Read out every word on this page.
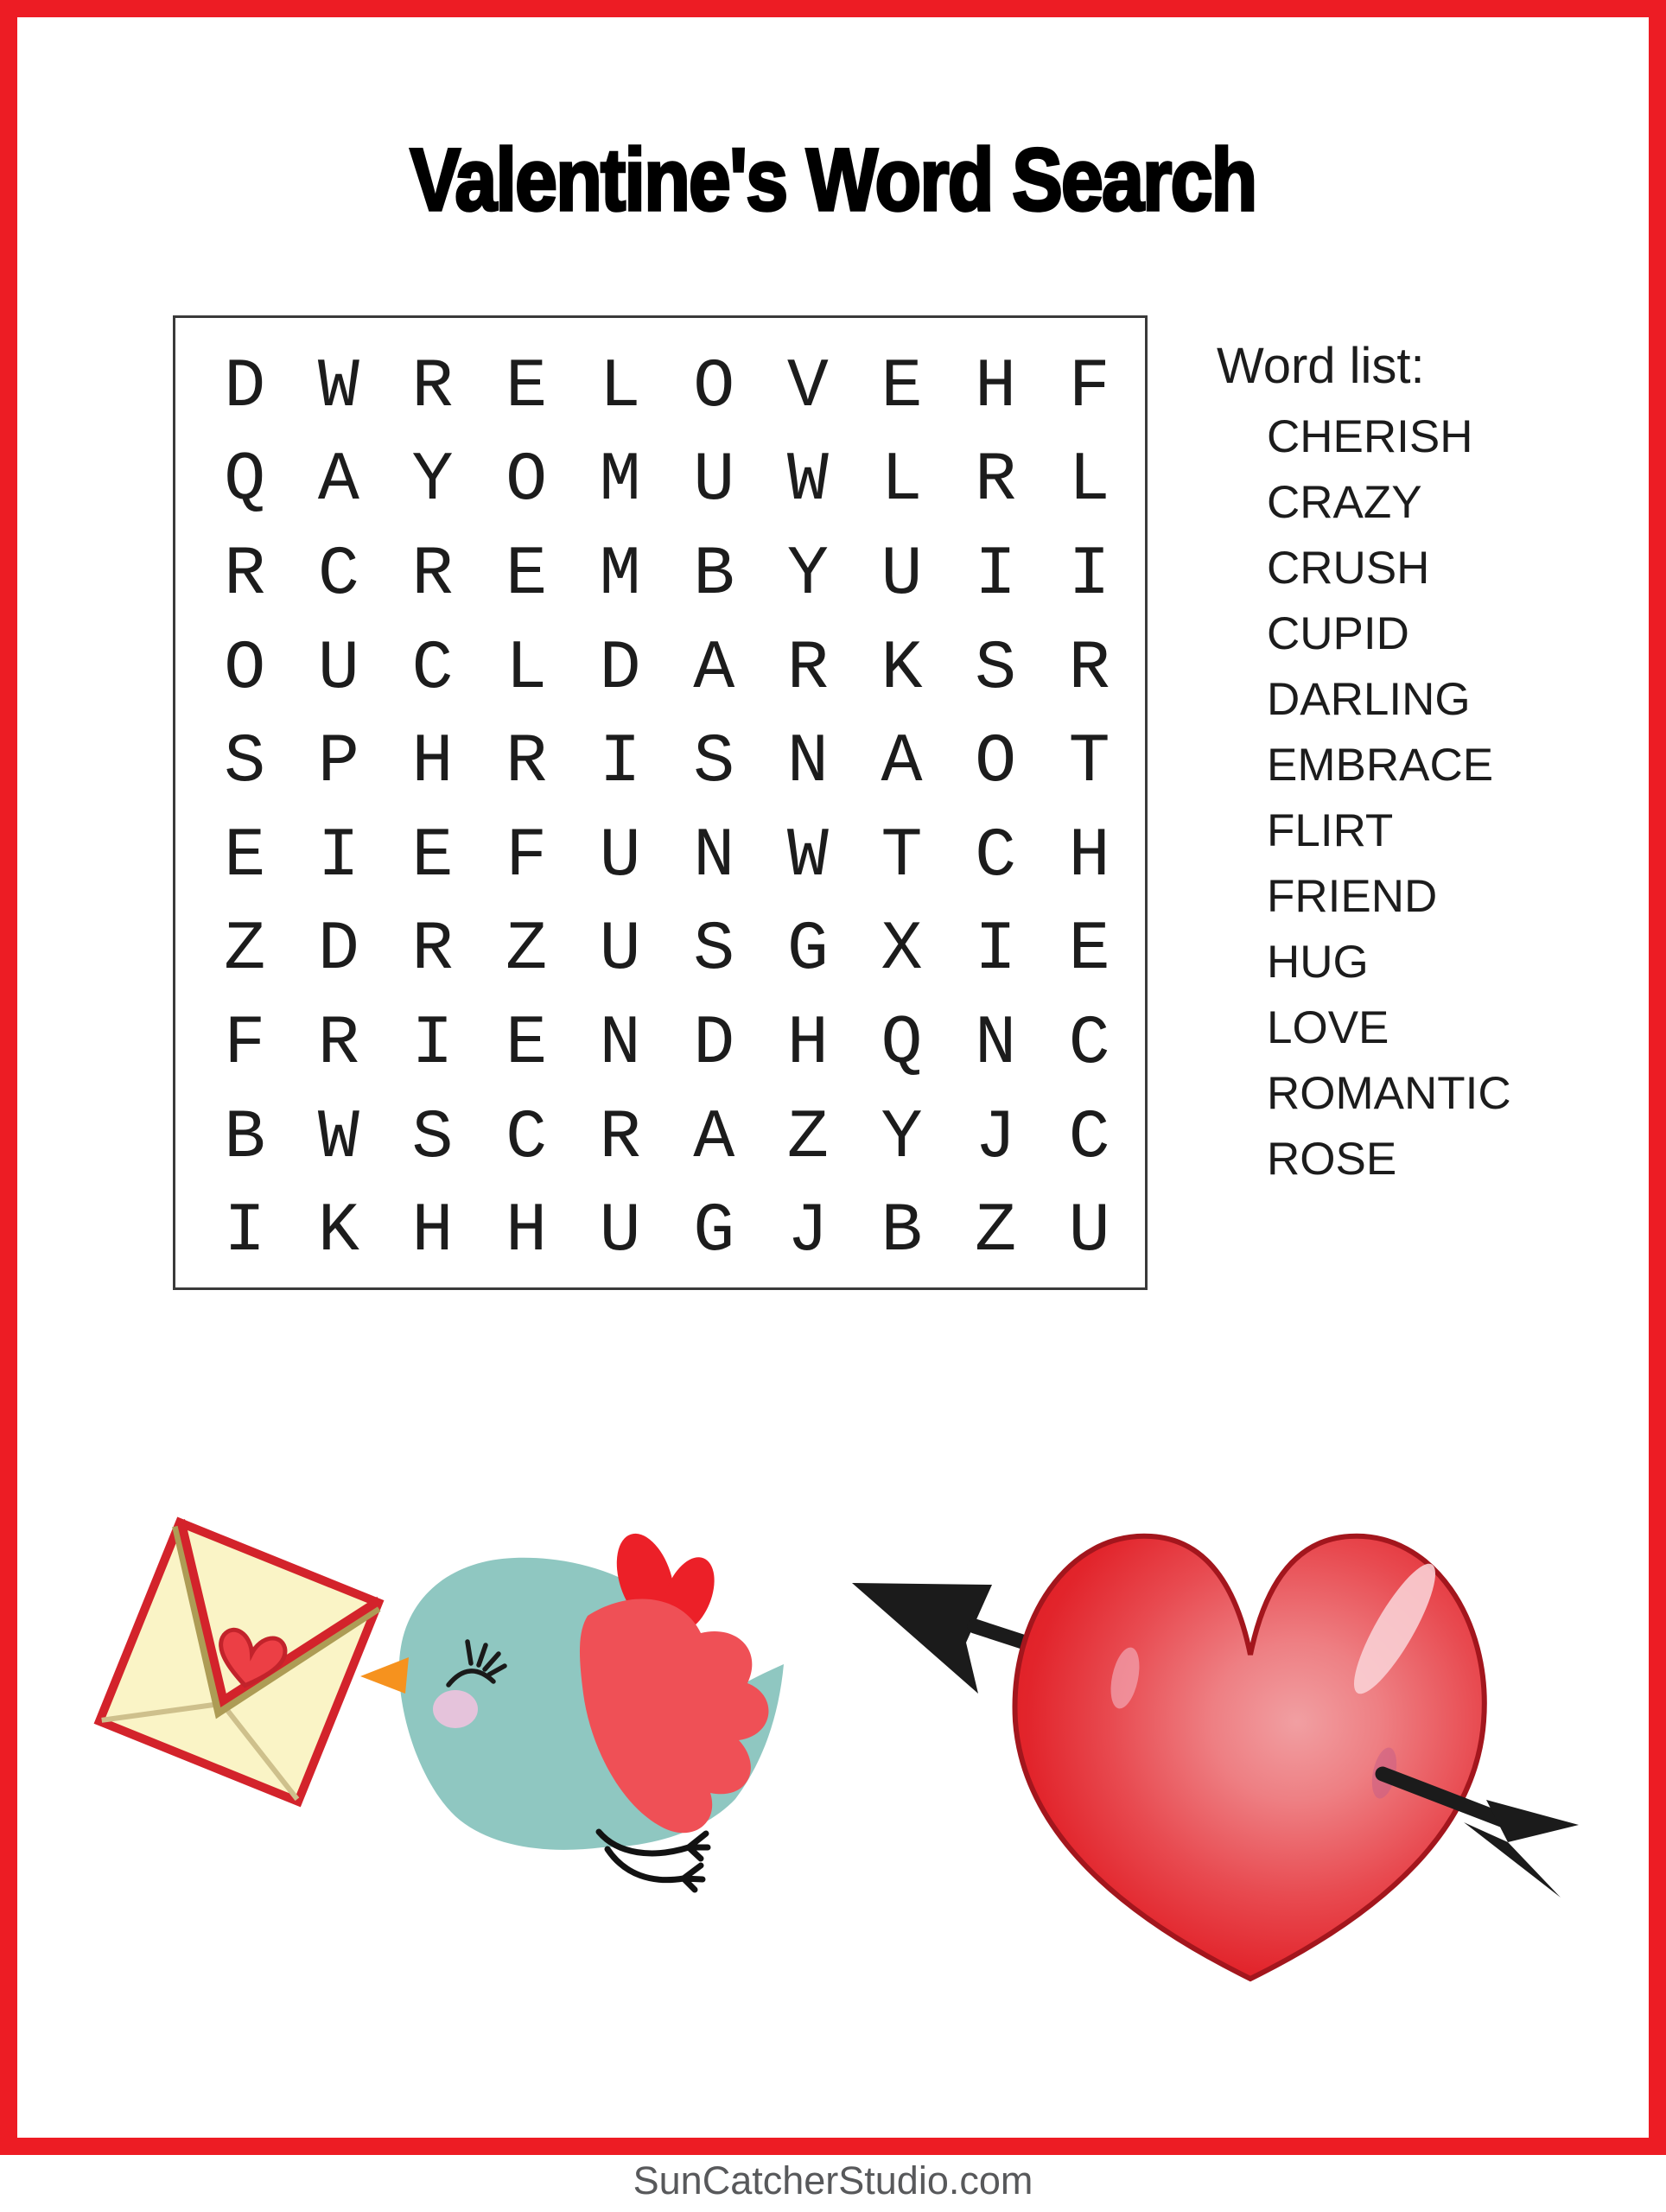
Valentine's Word Search
D W R E L O V E H F
Q A Y O M U W L R L
R C R E M B Y U I I
O U C L D A R K S R
S P H R I S N A O T
E I E F U N W T C H
Z D R Z U S G X I E
F R I E N D H Q N C
B W S C R A Z Y J C
I K H H U G J B Z U
Word list:
CHERISH
CRAZY
CRUSH
CUPID
DARLING
EMBRACE
FLIRT
FRIEND
HUG
LOVE
ROMANTIC
ROSE
SunCatcherStudio.com
